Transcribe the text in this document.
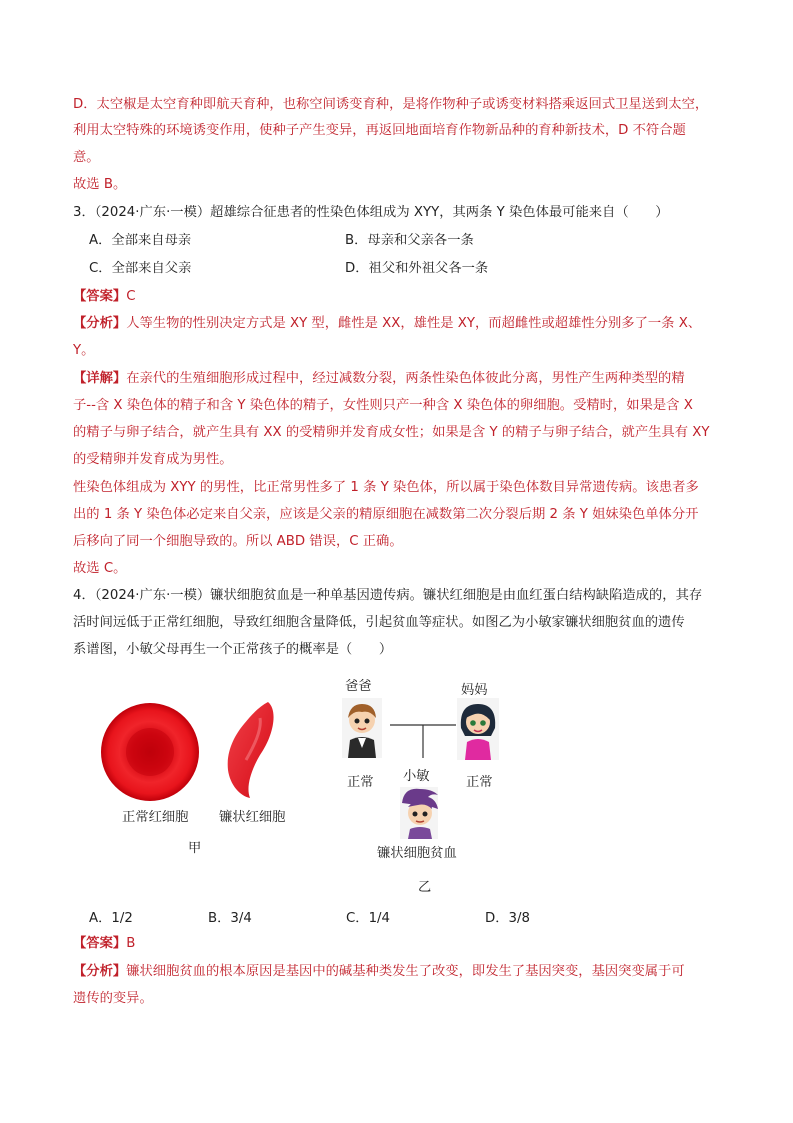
D．太空椒是太空育种即航天育种，也称空间诱变育种，是将作物种子或诱变材料搭乘返回式卫星送到太空，
利用太空特殊的环境诱变作用，使种子产生变异，再返回地面培育作物新品种的育种新技术，D 不符合题
意。
故选 B。
3．（2024·广东·一模）超雄综合征患者的性染色体组成为 XYY，其两条 Y 染色体最可能来自（　　）
A．全部来自母亲	B．母亲和父亲各一条
C．全部来自父亲	D．祖父和外祖父各一条
【答案】C
【分析】人等生物的性别决定方式是 XY 型，雌性是 XX，雄性是 XY，而超雌性或超雄性分别多了一条 X、
Y。
【详解】在亲代的生殖细胞形成过程中，经过减数分裂，两条性染色体彼此分离，男性产生两种类型的精
子--含 X 染色体的精子和含 Y 染色体的精子，女性则只产一种含 X 染色体的卵细胞。受精时，如果是含 X
的精子与卵子结合，就产生具有 XX 的受精卵并发育成女性；如果是含 Y 的精子与卵子结合，就产生具有 XY
的受精卵并发育成为男性。
性染色体组成为 XYY 的男性，比正常男性多了 1 条 Y 染色体，所以属于染色体数目异常遗传病。该患者多
出的 1 条 Y 染色体必定来自父亲，应该是父亲的精原细胞在减数第二次分裂后期 2 条 Y 姐妹染色单体分开
后移向了同一个细胞导致的。所以 ABD 错误，C 正确。
故选 C。
4．（2024·广东·一模）镰状细胞贫血是一种单基因遗传病。镰状红细胞是由血红蛋白结构缺陷造成的，其存
活时间远低于正常红细胞，导致红细胞含量降低，引起贫血等症状。如图乙为小敏家镰状细胞贫血的遗传
系谱图，小敏父母再生一个正常孩子的概率是（　　）
正常红细胞 镰状红细胞
甲
爸爸	妈妈
正常	正常
小敏
镰状细胞贫血
乙
A．1/2	B．3/4	C．1/4	D．3/8
【答案】B
【分析】镰状细胞贫血的根本原因是基因中的碱基种类发生了改变，即发生了基因突变，基因突变属于可
遗传的变异。
